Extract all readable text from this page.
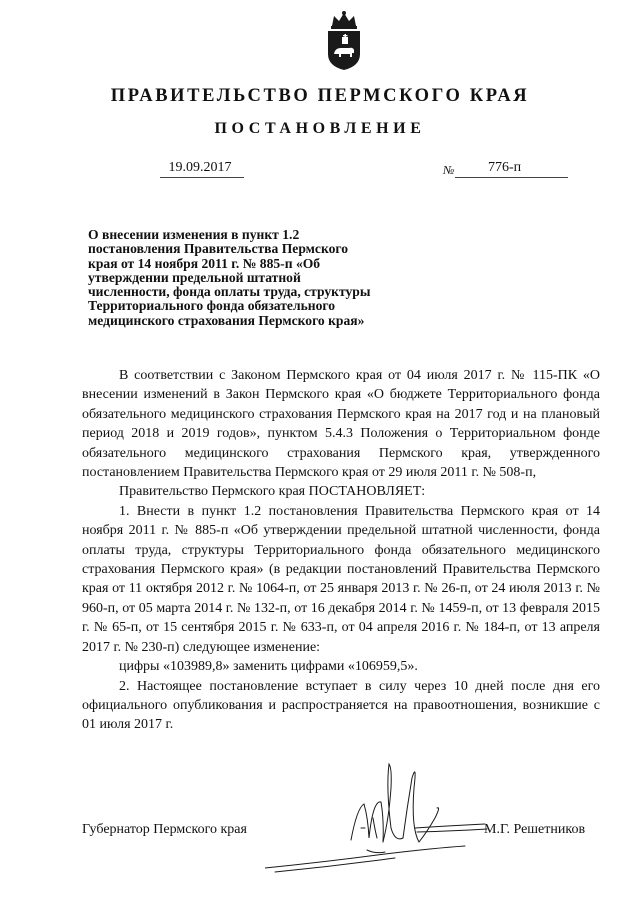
ПРАВИТЕЛЬСТВО ПЕРМСКОГО КРАЯ
ПОСТАНОВЛЕНИЕ
19.09.2017	№ 776-п
О внесении изменения в пункт 1.2 постановления Правительства Пермского края от 14 ноября 2011 г. № 885-п «Об утверждении предельной штатной численности, фонда оплаты труда, структуры Территориального фонда обязательного медицинского страхования Пермского края»

В соответствии с Законом Пермского края от 04 июля 2017 г. № 115-ПК «О внесении изменений в Закон Пермского края «О бюджете Территориального фонда обязательного медицинского страхования Пермского края на 2017 год и на плановый период 2018 и 2019 годов», пунктом 5.4.3 Положения о Территориальном фонде обязательного медицинского страхования Пермского края, утвержденного постановлением Правительства Пермского края от 29 июля 2011 г. № 508-п,

Правительство Пермского края ПОСТАНОВЛЯЕТ:

1. Внести в пункт 1.2 постановления Правительства Пермского края от 14 ноября 2011 г. № 885-п «Об утверждении предельной штатной численности, фонда оплаты труда, структуры Территориального фонда обязательного медицинского страхования Пермского края» (в редакции постановлений Правительства Пермского края от 11 октября 2012 г. № 1064-п, от 25 января 2013 г. № 26-п, от 24 июля 2013 г. № 960-п, от 05 марта 2014 г. № 132-п, от 16 декабря 2014 г. № 1459-п, от 13 февраля 2015 г. № 65-п, от 15 сентября 2015 г. № 633-п, от 04 апреля 2016 г. № 184-п, от 13 апреля 2017 г. № 230-п) следующее изменение:

цифры «103989,8» заменить цифрами «106959,5».

2. Настоящее постановление вступает в силу через 10 дней после дня его официального опубликования и распространяется на правоотношения, возникшие с 01 июля 2017 г.

Губернатор Пермского края	М.Г. Решетников
